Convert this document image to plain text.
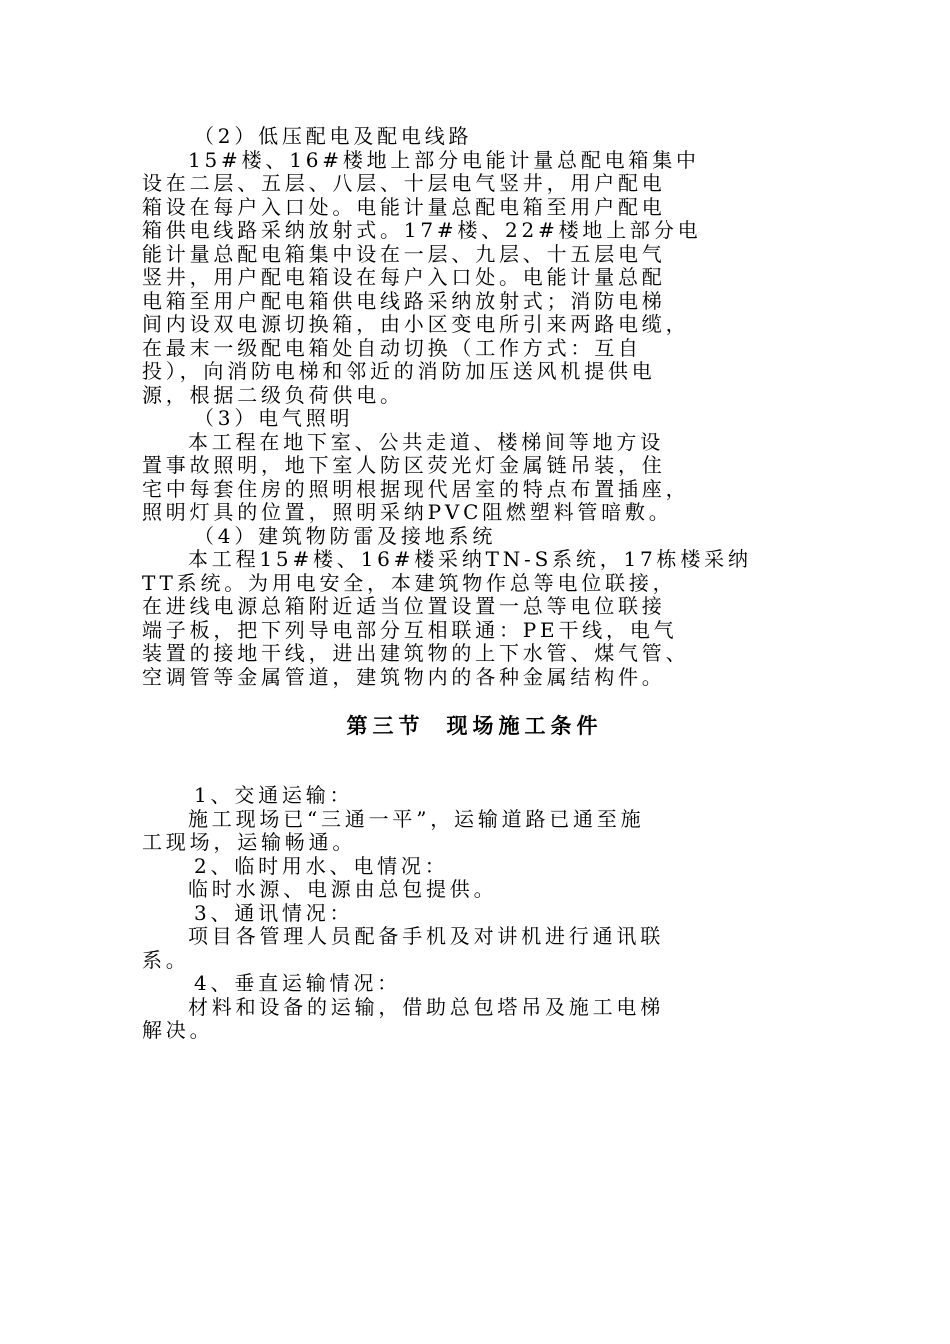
（2）低压配电及配电线路
15#楼、16#楼地上部分电能计量总配电箱集中
设在二层、五层、八层、十层电气竖井，用户配电
箱设在每户入口处。电能计量总配电箱至用户配电
箱供电线路采纳放射式。17#楼、22#楼地上部分电
能计量总配电箱集中设在一层、九层、十五层电气
竖井，用户配电箱设在每户入口处。电能计量总配
电箱至用户配电箱供电线路采纳放射式；消防电梯
间内设双电源切换箱，由小区变电所引来两路电缆，
在最末一级配电箱处自动切换（工作方式：互自
投），向消防电梯和邻近的消防加压送风机提供电
源，根据二级负荷供电。
（3）电气照明
本工程在地下室、公共走道、楼梯间等地方设
置事故照明，地下室人防区荧光灯金属链吊装，住
宅中每套住房的照明根据现代居室的特点布置插座，
照明灯具的位置，照明采纳PVC阻燃塑料管暗敷。
（4）建筑物防雷及接地系统
本工程15#楼、16#楼采纳TN-S系统，17栋楼采纳
TT系统。为用电安全，本建筑物作总等电位联接，
在进线电源总箱附近适当位置设置一总等电位联接
端子板，把下列导电部分互相联通：PE干线，电气
装置的接地干线，进出建筑物的上下水管、煤气管、
空调管等金属管道，建筑物内的各种金属结构件。
第三节 现场施工条件
1、交通运输：
施工现场已“三通一平”，运输道路已通至施
工现场，运输畅通。
2、临时用水、电情况：
临时水源、电源由总包提供。
3、通讯情况：
项目各管理人员配备手机及对讲机进行通讯联
系。
4、垂直运输情况：
材料和设备的运输，借助总包塔吊及施工电梯
解决。
